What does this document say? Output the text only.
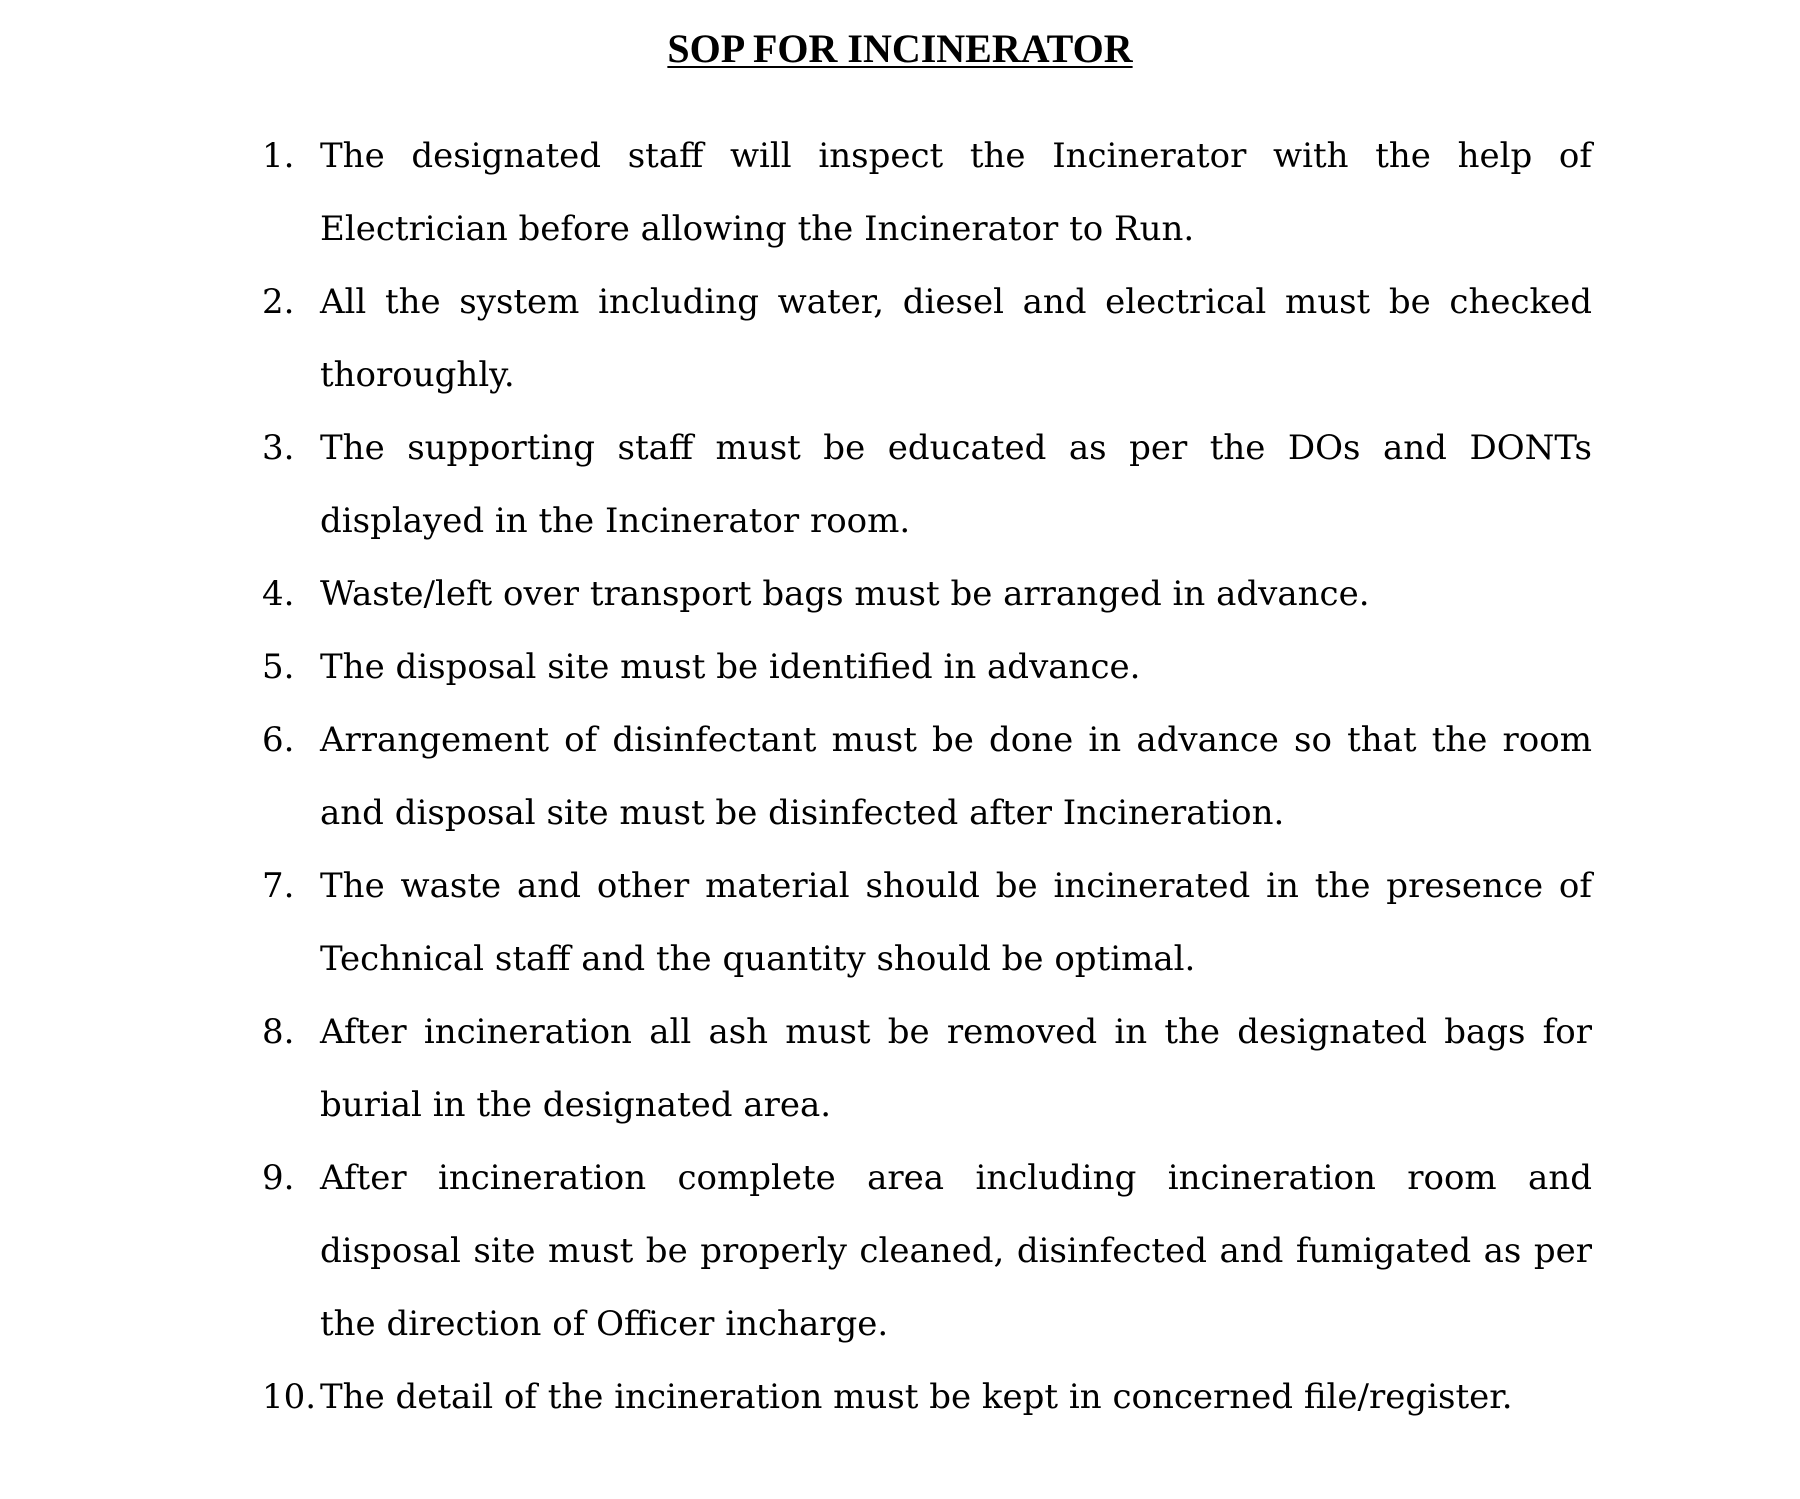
SOP FOR INCINERATOR
1. The designated staff will inspect the Incinerator with the help of Electrician before allowing the Incinerator to Run.
2. All the system including water, diesel and electrical must be checked thoroughly.
3. The supporting staff must be educated as per the DOs and DONTs displayed in the Incinerator room.
4. Waste/left over transport bags must be arranged in advance.
5. The disposal site must be identified in advance.
6. Arrangement of disinfectant must be done in advance so that the room and disposal site must be disinfected after Incineration.
7. The waste and other material should be incinerated in the presence of Technical staff and the quantity should be optimal.
8. After incineration all ash must be removed in the designated bags for burial in the designated area.
9. After incineration complete area including incineration room and disposal site must be properly cleaned, disinfected and fumigated as per the direction of Officer incharge.
10. The detail of the incineration must be kept in concerned file/register.
